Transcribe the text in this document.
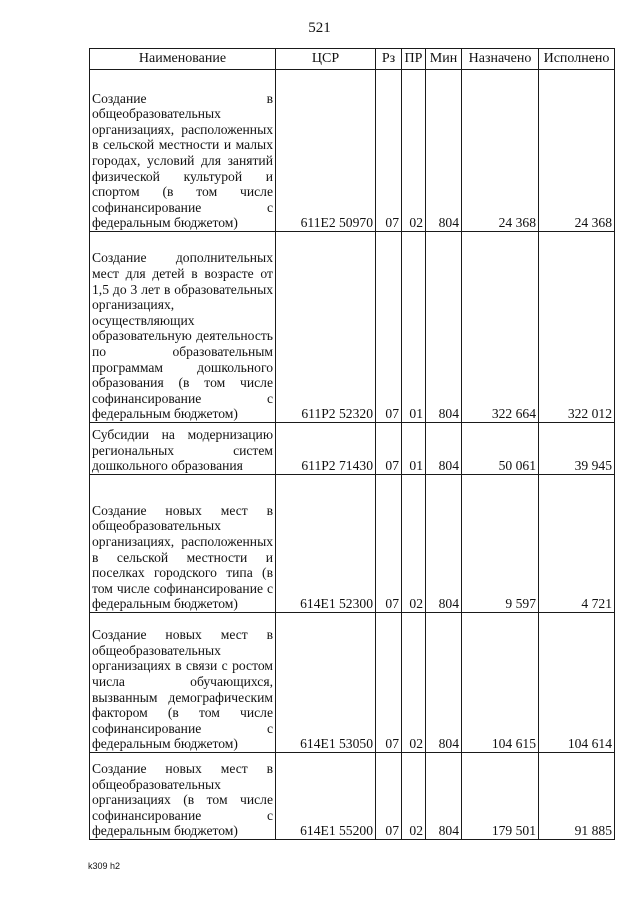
521
Наименование	ЦСР	Рз	ПР	Мин	Назначено	Исполнено
Создание в общеобразовательных организациях, расположенных в сельской местности и малых городах, условий для занятий физической культурой и спортом (в том числе софинансирование с федеральным бюджетом)	611E2 50970	07	02	804	24 368	24 368
Создание дополнительных мест для детей в возрасте от 1,5 до 3 лет в образовательных организациях, осуществляющих образовательную деятельность по образовательным программам дошкольного образования (в том числе софинансирование с федеральным бюджетом)	611P2 52320	07	01	804	322 664	322 012
Субсидии на модернизацию региональных систем дошкольного образования	611P2 71430	07	01	804	50 061	39 945
Создание новых мест в общеобразовательных организациях, расположенных в сельской местности и поселках городского типа (в том числе софинансирование с федеральным бюджетом)	614E1 52300	07	02	804	9 597	4 721
Создание новых мест в общеобразовательных организациях в связи с ростом числа обучающихся, вызванным демографическим фактором (в том числе софинансирование с федеральным бюджетом)	614E1 53050	07	02	804	104 615	104 614
Создание новых мест в общеобразовательных организациях (в том числе софинансирование с федеральным бюджетом)	614E1 55200	07	02	804	179 501	91 885
k309 h2
